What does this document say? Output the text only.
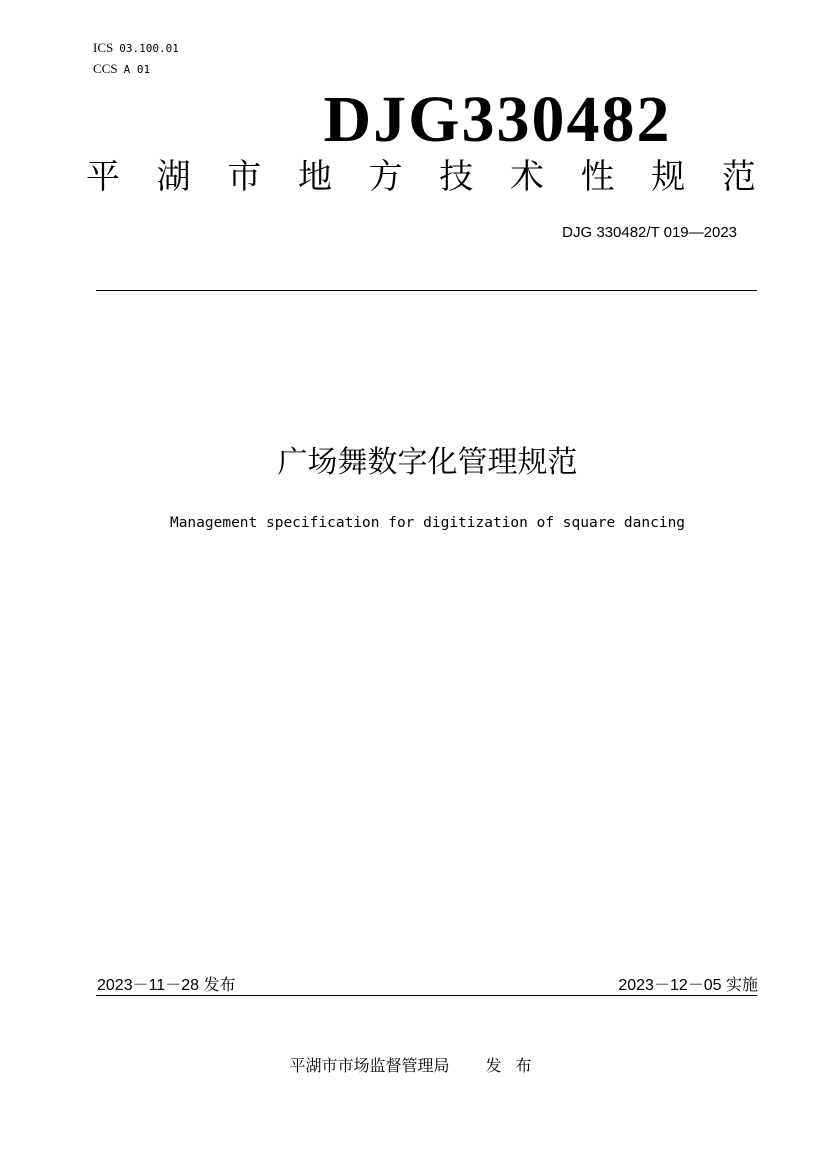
ICS 03.100.01
CCS A 01
DJG330482
平 湖 市 地 方 技 术 性 规 范
DJG 330482/T 019—2023
广场舞数字化管理规范
Management specification for digitization of square dancing
2023－11－28 发布	2023－12－05 实施
平湖市市场监督管理局 发布
